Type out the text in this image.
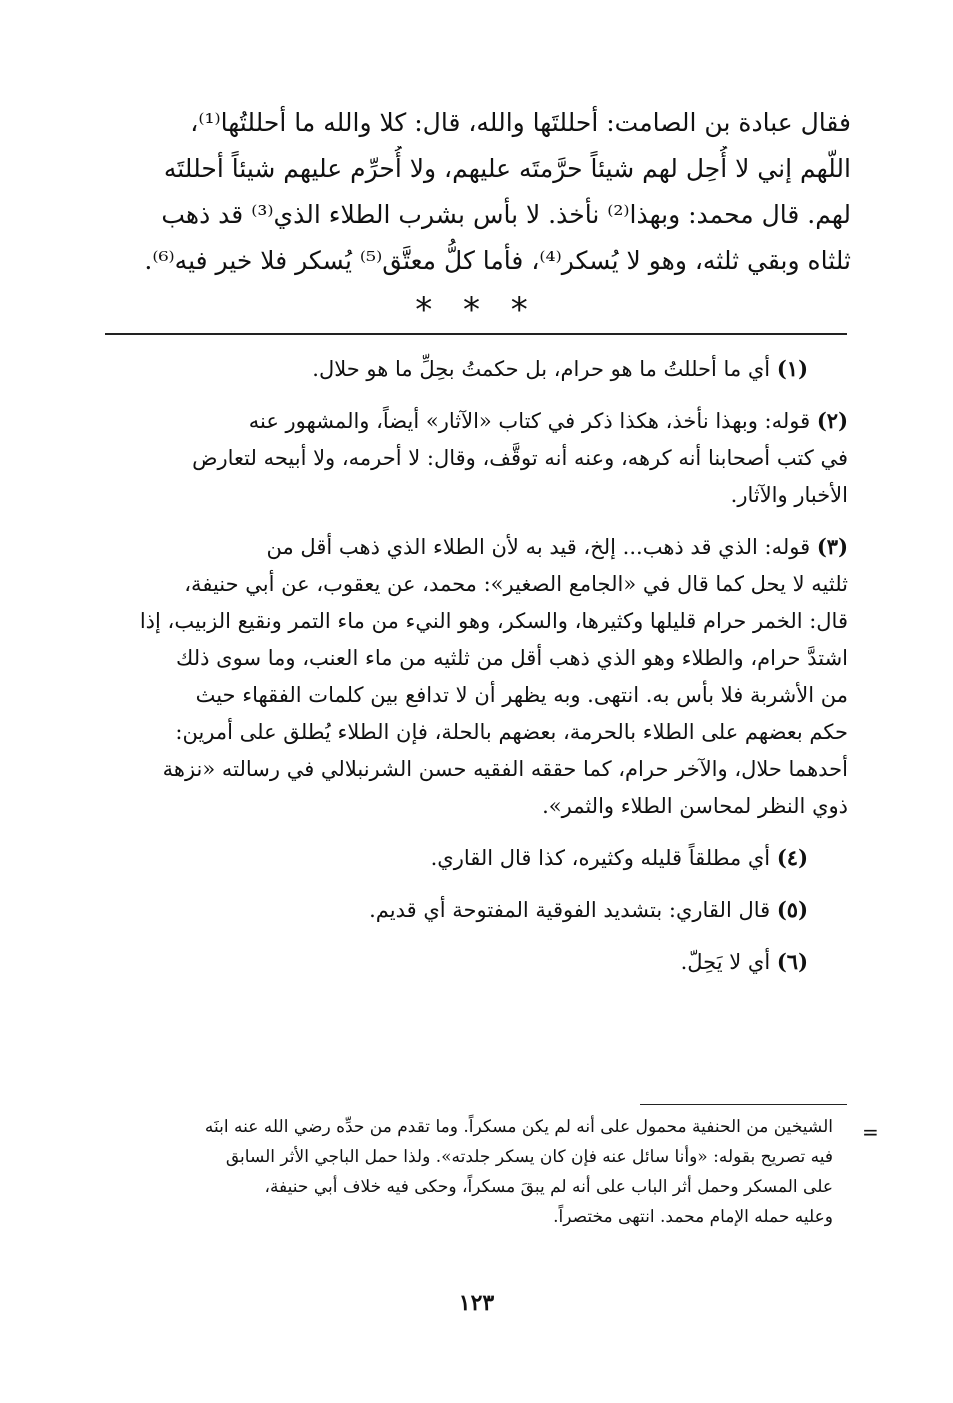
فقال عبادة بن الصامت: أحللتَها والله، قال: كلا والله ما أحللتُها⁽¹⁾،
اللّهم إني لا أُحِل لهم شيئاً حرَّمتَه عليهم، ولا أُحرِّم عليهم شيئاً أحللتَه
لهم. قال محمد: وبهذا⁽²⁾ نأخذ. لا بأس بشرب الطلاء الذي⁽³⁾ قد ذهب
ثلثاه وبقي ثلثه، وهو لا يُسكر⁽⁴⁾، فأما كلُّ معتَّق⁽⁵⁾ يُسكر فلا خير فيه⁽⁶⁾.
* * *
(١) أي ما أحللتُ ما هو حرام، بل حكمتُ بحِلِّ ما هو حلال.
(٢) قوله: وبهذا نأخذ، هكذا ذكر في كتاب «الآثار» أيضاً، والمشهور عنه
في كتب أصحابنا أنه كرهه، وعنه أنه توقَّف، وقال: لا أحرمه، ولا أبيحه لتعارض
الأخبار والآثار.
(٣) قوله: الذي قد ذهب... إلخ، قيد به لأن الطلاء الذي ذهب أقل من
ثلثيه لا يحل كما قال في «الجامع الصغير»: محمد، عن يعقوب، عن أبي حنيفة،
قال: الخمر حرام قليلها وكثيرها، والسكر، وهو النيء من ماء التمر ونقيع الزبيب، إذا
اشتدَّ حرام، والطلاء وهو الذي ذهب أقل من ثلثيه من ماء العنب، وما سوى ذلك
من الأشربة فلا بأس به. انتهى. وبه يظهر أن لا تدافع بين كلمات الفقهاء حيث
حكم بعضهم على الطلاء بالحرمة، بعضهم بالحلة، فإن الطلاء يُطلق على أمرين:
أحدهما حلال، والآخر حرام، كما حققه الفقيه حسن الشرنبلالي في رسالته «نزهة
ذوي النظر لمحاسن الطلاء والثمر».
(٤) أي مطلقاً قليله وكثيره، كذا قال القاري.
(٥) قال القاري: بتشديد الفوقية المفتوحة أي قديم.
(٦) أي لا يَحِلّ.
=
الشيخين من الحنفية محمول على أنه لم يكن مسكراً. وما تقدم من حدِّه رضي الله عنه ابنَه
فيه تصريح بقوله: «وأنا سائل عنه فإن كان يسكر جلدته». ولذا حمل الباجي الأثر السابق
على المسكر وحمل أثر الباب على أنه لم يبقَ مسكراً، وحكى فيه خلاف أبي حنيفة،
وعليه حمله الإمام محمد. انتهى مختصراً.
١٢٣
